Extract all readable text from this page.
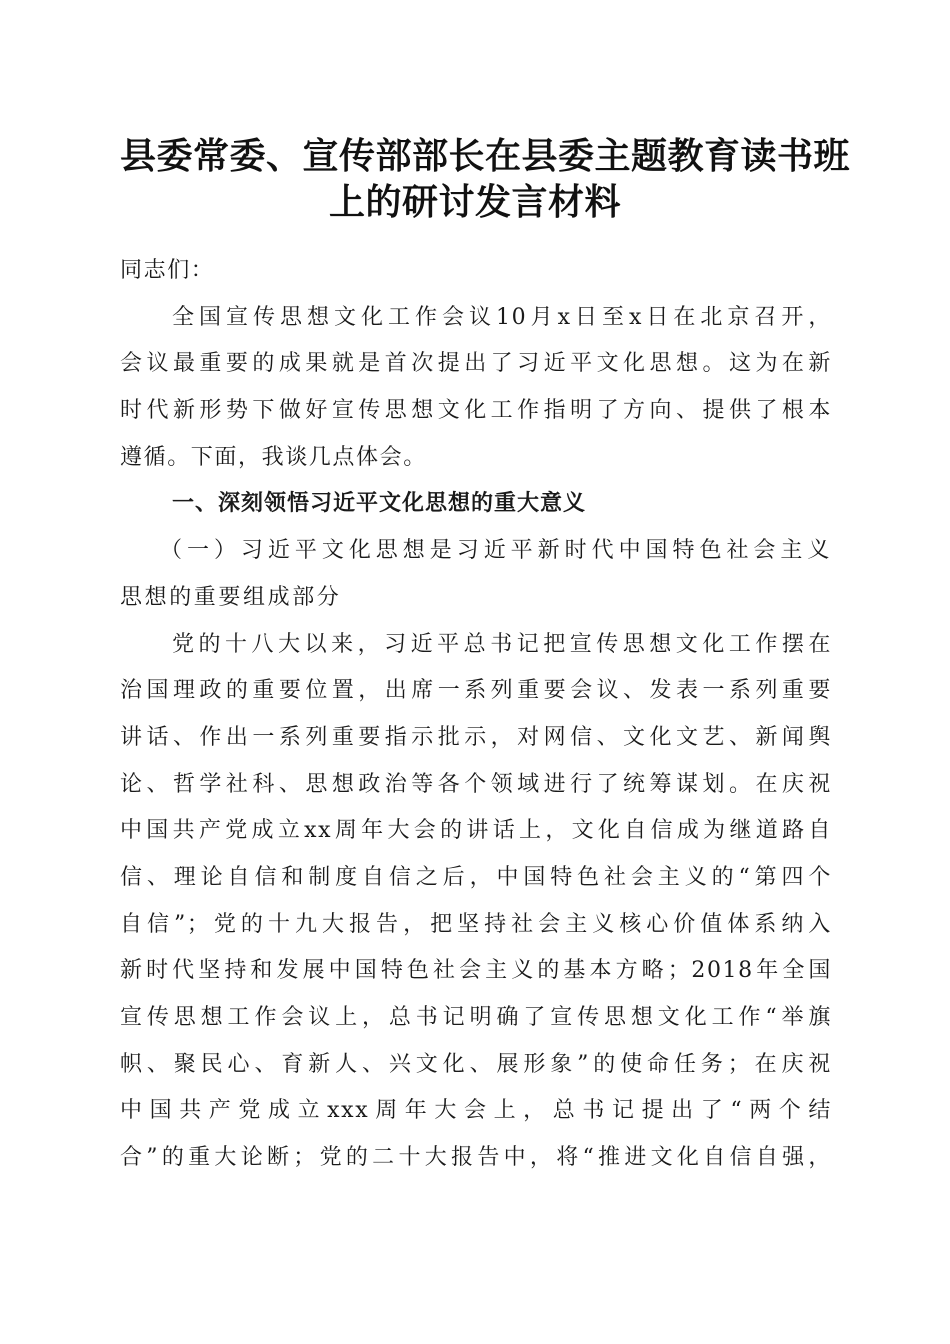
县委常委、宣传部部长在县委主题教育读书班
上的研讨发言材料
同志们：
全国宣传思想文化工作会议10月x日至x日在北京召开，
会议最重要的成果就是首次提出了习近平文化思想。这为在新
时代新形势下做好宣传思想文化工作指明了方向、提供了根本
遵循。下面，我谈几点体会。
一、深刻领悟习近平文化思想的重大意义
（一）习近平文化思想是习近平新时代中国特色社会主义
思想的重要组成部分
党的十八大以来，习近平总书记把宣传思想文化工作摆在
治国理政的重要位置，出席一系列重要会议、发表一系列重要
讲话、作出一系列重要指示批示，对网信、文化文艺、新闻舆
论、哲学社科、思想政治等各个领域进行了统筹谋划。在庆祝
中国共产党成立xx周年大会的讲话上，文化自信成为继道路自
信、理论自信和制度自信之后，中国特色社会主义的“第四个
自信”；党的十九大报告，把坚持社会主义核心价值体系纳入
新时代坚持和发展中国特色社会主义的基本方略；2018年全国
宣传思想工作会议上，总书记明确了宣传思想文化工作“举旗
帜、聚民心、育新人、兴文化、展形象”的使命任务；在庆祝
中国共产党成立xxx周年大会上，总书记提出了“两个结
合”的重大论断；党的二十大报告中，将“推进文化自信自强，
